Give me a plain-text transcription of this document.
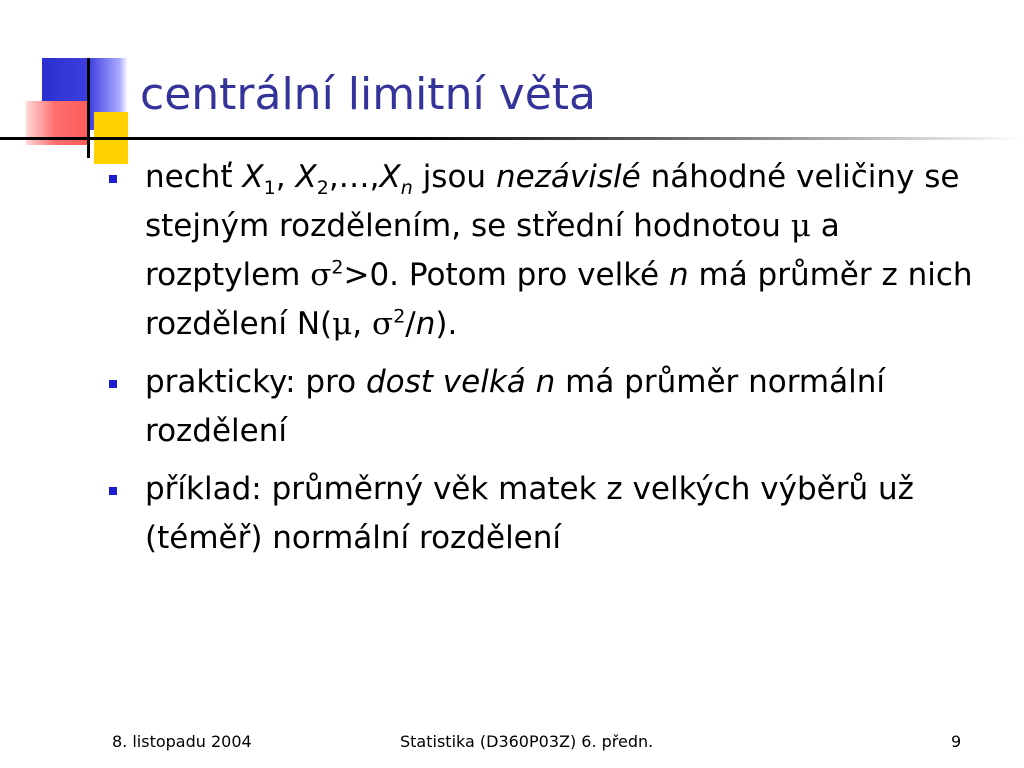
centrální limitní věta
nechť $X_1$, $X_2,\dots,X_n$ jsou nezávislé náhodné veličiny se stejným rozdělením, se střední hodnotou μ a rozptylem $\sigma^2>0$. Potom pro velké n má průměr z nich rozdělení N(μ, $\sigma^2/n$).
prakticky: pro dost velká n má průměr normální rozdělení
příklad: průměrný věk matek z velkých výběrů už (téměř) normální rozdělení
8. listopadu 2004	Statistika (D360P03Z) 6. předn.	9
